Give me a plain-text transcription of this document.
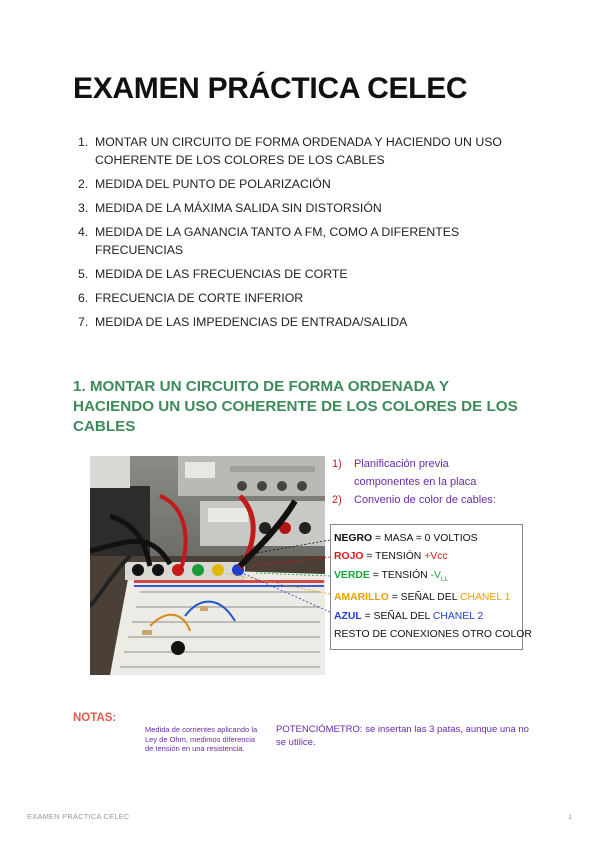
EXAMEN PRÁCTICA CELEC
1. MONTAR UN CIRCUITO DE FORMA ORDENADA Y HACIENDO UN USO COHERENTE DE LOS COLORES DE LOS CABLES
2. MEDIDA DEL PUNTO DE POLARIZACIÓN
3. MEDIDA DE LA MÁXIMA SALIDA SIN DISTORSIÓN
4. MEDIDA DE LA GANANCIA TANTO A FM, COMO A DIFERENTES FRECUENCIAS
5. MEDIDA DE LAS FRECUENCIAS DE CORTE
6. FRECUENCIA DE CORTE INFERIOR
7. MEDIDA DE LAS IMPEDENCIAS DE ENTRADA/SALIDA
1. MONTAR UN CIRCUITO DE FORMA ORDENADA Y HACIENDO UN USO COHERENTE DE LOS COLORES DE LOS CABLES
1)	Planificación previa
componentes en la placa
2)	Convenio de color de cables:
NEGRO = MASA = 0 VOLTIOS
ROJO = TENSIÓN +Vcc
VERDE = TENSIÓN $-V_{LL}$
AMARILLO = SEÑAL DEL CHANEL 1
AZUL = SEÑAL DEL CHANEL 2
RESTO DE CONEXIONES OTRO COLOR
NOTAS:
Medida de corrientes aplicando la Ley de Ohm, medimos diferencia de tensión en una resistencia.
POTENCIÓMETRO: se insertan las 3 patas, aunque una no se utilice.
EXAMEN PRÁCTICA CELEC	1
